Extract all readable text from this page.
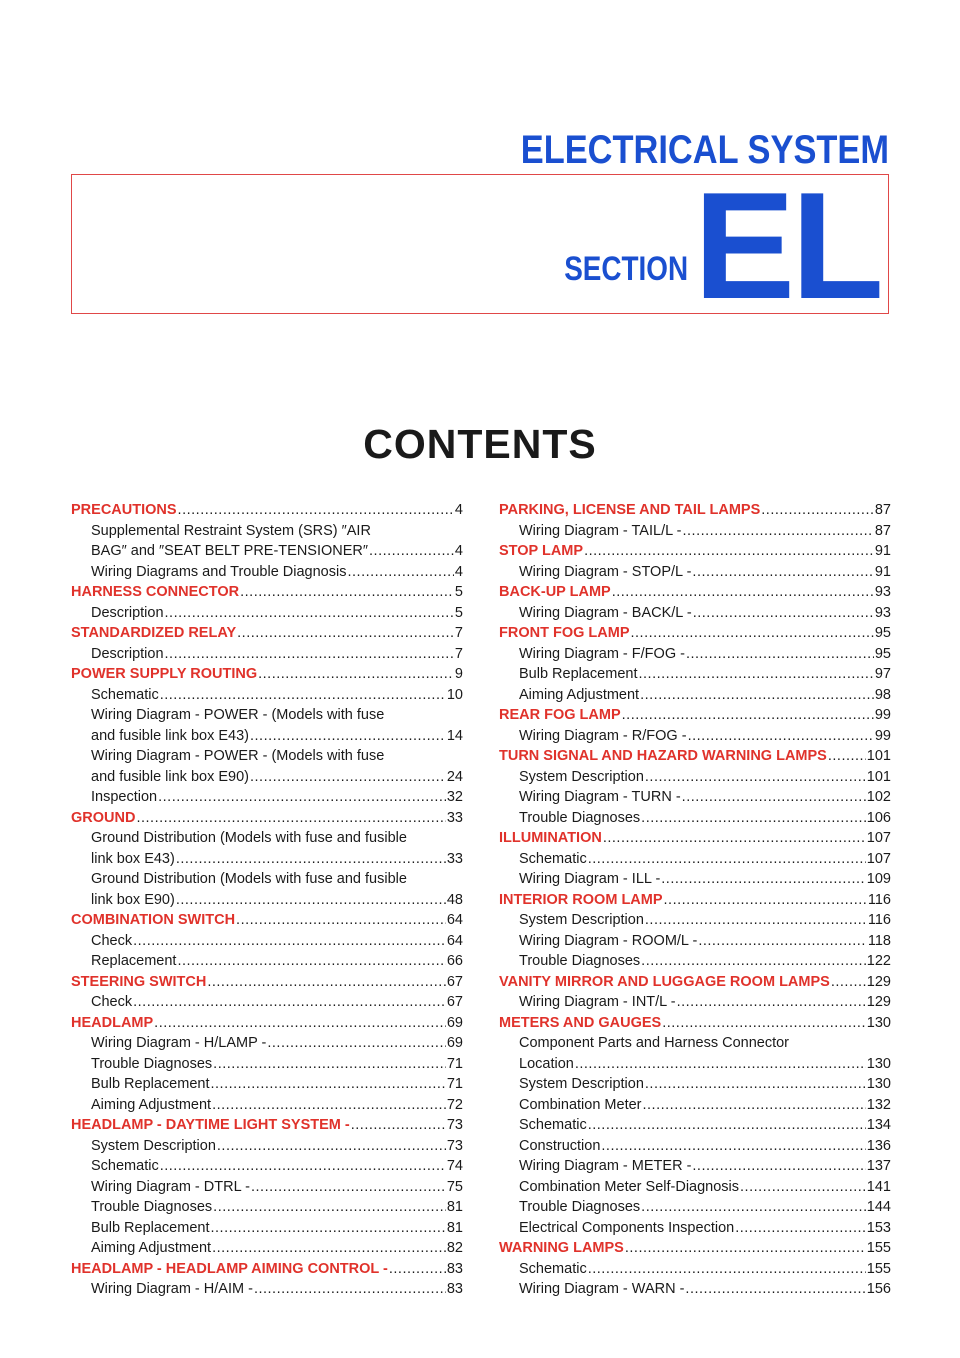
ELECTRICAL SYSTEM
SECTION EL
CONTENTS
PRECAUTIONS .....	4
Supplemental Restraint System (SRS) ″AIR
BAG″ and ″SEAT BELT PRE-TENSIONER″ .....	4
Wiring Diagrams and Trouble Diagnosis .....	4
HARNESS CONNECTOR .....	5
Description .....	5
STANDARDIZED RELAY .....	7
Description .....	7
POWER SUPPLY ROUTING .....	9
Schematic .....	10
Wiring Diagram - POWER - (Models with fuse
and fusible link box E43) .....	14
Wiring Diagram - POWER - (Models with fuse
and fusible link box E90) .....	24
Inspection .....	32
GROUND .....	33
Ground Distribution (Models with fuse and fusible
link box E43) .....	33
Ground Distribution (Models with fuse and fusible
link box E90) .....	48
COMBINATION SWITCH .....	64
Check .....	64
Replacement .....	66
STEERING SWITCH .....	67
Check .....	67
HEADLAMP .....	69
Wiring Diagram - H/LAMP - .....	69
Trouble Diagnoses .....	71
Bulb Replacement .....	71
Aiming Adjustment .....	72
HEADLAMP - DAYTIME LIGHT SYSTEM - .....	73
System Description .....	73
Schematic .....	74
Wiring Diagram - DTRL - .....	75
Trouble Diagnoses .....	81
Bulb Replacement .....	81
Aiming Adjustment .....	82
HEADLAMP - HEADLAMP AIMING CONTROL - .....	83
Wiring Diagram - H/AIM - .....	83
PARKING, LICENSE AND TAIL LAMPS .....	87
Wiring Diagram - TAIL/L - .....	87
STOP LAMP .....	91
Wiring Diagram - STOP/L - .....	91
BACK-UP LAMP .....	93
Wiring Diagram - BACK/L - .....	93
FRONT FOG LAMP .....	95
Wiring Diagram - F/FOG - .....	95
Bulb Replacement .....	97
Aiming Adjustment .....	98
REAR FOG LAMP .....	99
Wiring Diagram - R/FOG - .....	99
TURN SIGNAL AND HAZARD WARNING LAMPS .....	101
System Description .....	101
Wiring Diagram - TURN - .....	102
Trouble Diagnoses .....	106
ILLUMINATION .....	107
Schematic .....	107
Wiring Diagram - ILL - .....	109
INTERIOR ROOM LAMP .....	116
System Description .....	116
Wiring Diagram - ROOM/L - .....	118
Trouble Diagnoses .....	122
VANITY MIRROR AND LUGGAGE ROOM LAMPS .....	129
Wiring Diagram - INT/L - .....	129
METERS AND GAUGES .....	130
Component Parts and Harness Connector
Location .....	130
System Description .....	130
Combination Meter .....	132
Schematic .....	134
Construction .....	136
Wiring Diagram - METER - .....	137
Combination Meter Self-Diagnosis .....	141
Trouble Diagnoses .....	144
Electrical Components Inspection .....	153
WARNING LAMPS .....	155
Schematic .....	155
Wiring Diagram - WARN - .....	156
